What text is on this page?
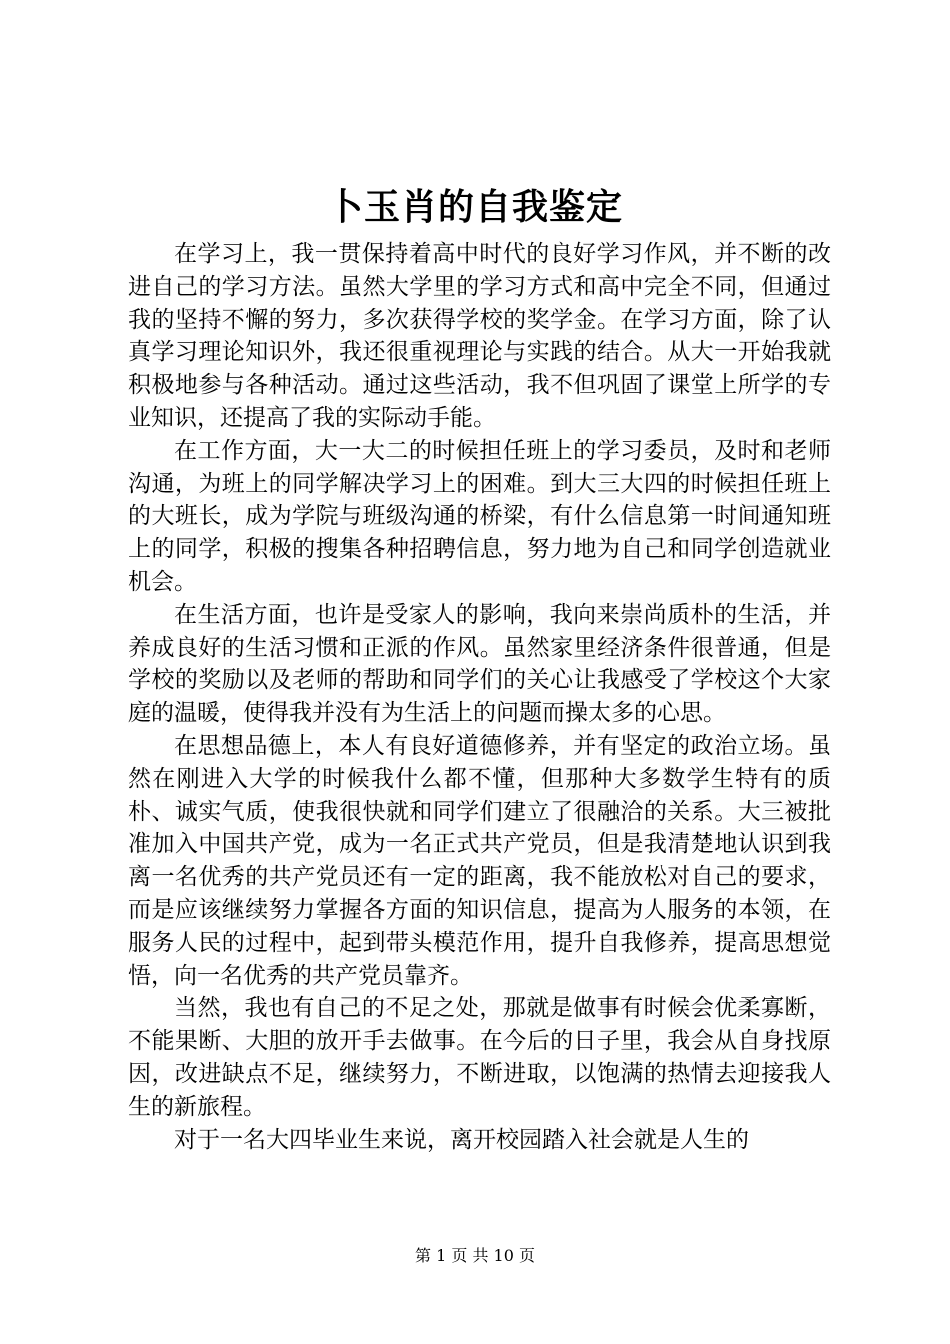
卜玉肖的自我鉴定

在学习上，我一贯保持着高中时代的良好学习作风，并不断的改进自己的学习方法。虽然大学里的学习方式和高中完全不同，但通过我的坚持不懈的努力，多次获得学校的奖学金。在学习方面，除了认真学习理论知识外，我还很重视理论与实践的结合。从大一开始我就积极地参与各种活动。通过这些活动，我不但巩固了课堂上所学的专业知识，还提高了我的实际动手能。

在工作方面，大一大二的时候担任班上的学习委员，及时和老师沟通，为班上的同学解决学习上的困难。到大三大四的时候担任班上的大班长，成为学院与班级沟通的桥梁，有什么信息第一时间通知班上的同学，积极的搜集各种招聘信息，努力地为自己和同学创造就业机会。

在生活方面，也许是受家人的影响，我向来崇尚质朴的生活，并养成良好的生活习惯和正派的作风。虽然家里经济条件很普通，但是学校的奖励以及老师的帮助和同学们的关心让我感受了学校这个大家庭的温暖，使得我并没有为生活上的问题而操太多的心思。

在思想品德上，本人有良好道德修养，并有坚定的政治立场。虽然在刚进入大学的时候我什么都不懂，但那种大多数学生特有的质朴、诚实气质，使我很快就和同学们建立了很融洽的关系。大三被批准加入中国共产党，成为一名正式共产党员，但是我清楚地认识到我离一名优秀的共产党员还有一定的距离，我不能放松对自己的要求，而是应该继续努力掌握各方面的知识信息，提高为人服务的本领，在服务人民的过程中，起到带头模范作用，提升自我修养，提高思想觉悟，向一名优秀的共产党员靠齐。

当然，我也有自己的不足之处，那就是做事有时候会优柔寡断，不能果断、大胆的放开手去做事。在今后的日子里，我会从自身找原因，改进缺点不足，继续努力，不断进取，以饱满的热情去迎接我人生的新旅程。

对于一名大四毕业生来说，离开校园踏入社会就是人生的

第 1 页 共 10 页
